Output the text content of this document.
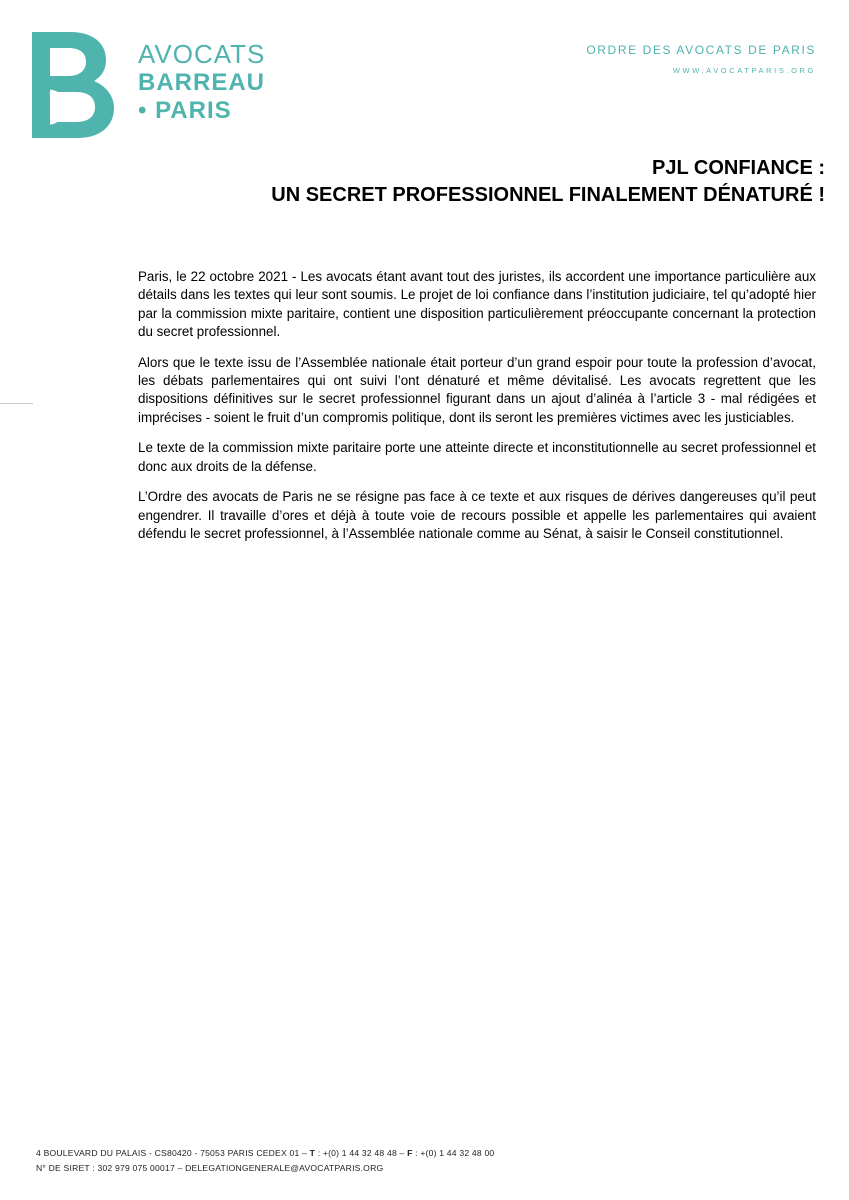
AVOCATS
BARREAU
• PARIS
ORDRE DES AVOCATS DE PARIS
WWW.AVOCATPARIS.ORG
PJL CONFIANCE :
UN SECRET PROFESSIONNEL FINALEMENT DÉNATURÉ !

Paris, le 22 octobre 2021 - Les avocats étant avant tout des juristes, ils accordent une importance particulière aux détails dans les textes qui leur sont soumis. Le projet de loi confiance dans l’institution judiciaire, tel qu’adopté hier par la commission mixte paritaire, contient une disposition particulièrement préoccupante concernant la protection du secret professionnel.

Alors que le texte issu de l’Assemblée nationale était porteur d’un grand espoir pour toute la profession d’avocat, les débats parlementaires qui ont suivi l’ont dénaturé et même dévitalisé. Les avocats regrettent que les dispositions définitives sur le secret professionnel figurant dans un ajout d’alinéa à l’article 3 - mal rédigées et imprécises - soient le fruit d’un compromis politique, dont ils seront les premières victimes avec les justiciables.

Le texte de la commission mixte paritaire porte une atteinte directe et inconstitutionnelle au secret professionnel et donc aux droits de la défense.

L’Ordre des avocats de Paris ne se résigne pas face à ce texte et aux risques de dérives dangereuses qu’il peut engendrer. Il travaille d’ores et déjà à toute voie de recours possible et appelle les parlementaires qui avaient défendu le secret professionnel, à l’Assemblée nationale comme au Sénat, à saisir le Conseil constitutionnel.

4 BOULEVARD DU PALAIS - CS80420 - 75053 PARIS CEDEX 01 – T : +(0) 1 44 32 48 48 – F : +(0) 1 44 32 48 00
N° DE SIRET : 302 979 075 00017 – DELEGATIONGENERALE@AVOCATPARIS.ORG
